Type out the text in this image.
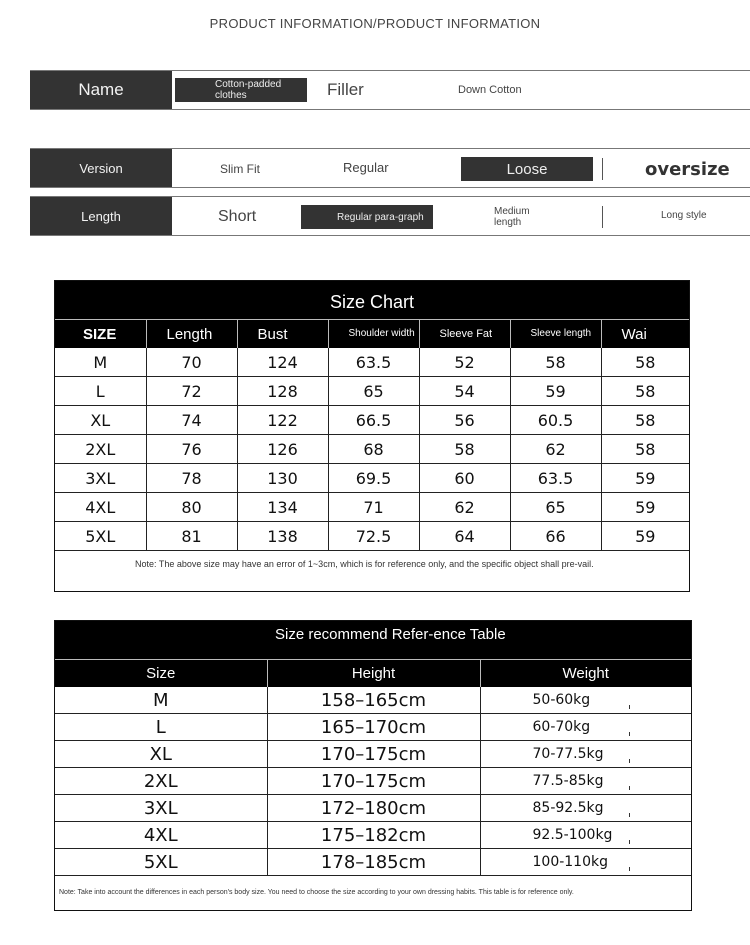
PRODUCT INFORMATION/PRODUCT INFORMATION
Name	Cotton-padded clothes	Filler	Down Cotton
Version	Slim Fit	Regular	Loose	oversize
Length	Short	Regular para-graph	Medium length
Long style
Size Chart
SIZE	Length	Bust	Shoulder width	Sleeve Fat	Sleeve length	Wai
M	70	124	63.5	52	58	58
L	72	128	65	54	59	58
XL	74	122	66.5	56	60.5	58
2XL	76	126	68	58	62	58
3XL	78	130	69.5	60	63.5	59
4XL	80	134	71	62	65	59
5XL	81	138	72.5	64	66	59
Note: The above size may have an error of 1~3cm, which is for reference only, and the specific object shall pre-vail.
Size recommend Refer-ence Table
Size	Height	Weight
M	158–165cm	50-60kg

L	165–170cm	60-70kg

XL	170–175cm	70-77.5kg

2XL	170–175cm	77.5-85kg

3XL	172–180cm	85-92.5kg

4XL	175–182cm	92.5-100kg

5XL	178–185cm	100-110kg
Note: Take into account the differences in each person's body size. You need to choose the size according to your own dressing habits. This table is for reference only.
